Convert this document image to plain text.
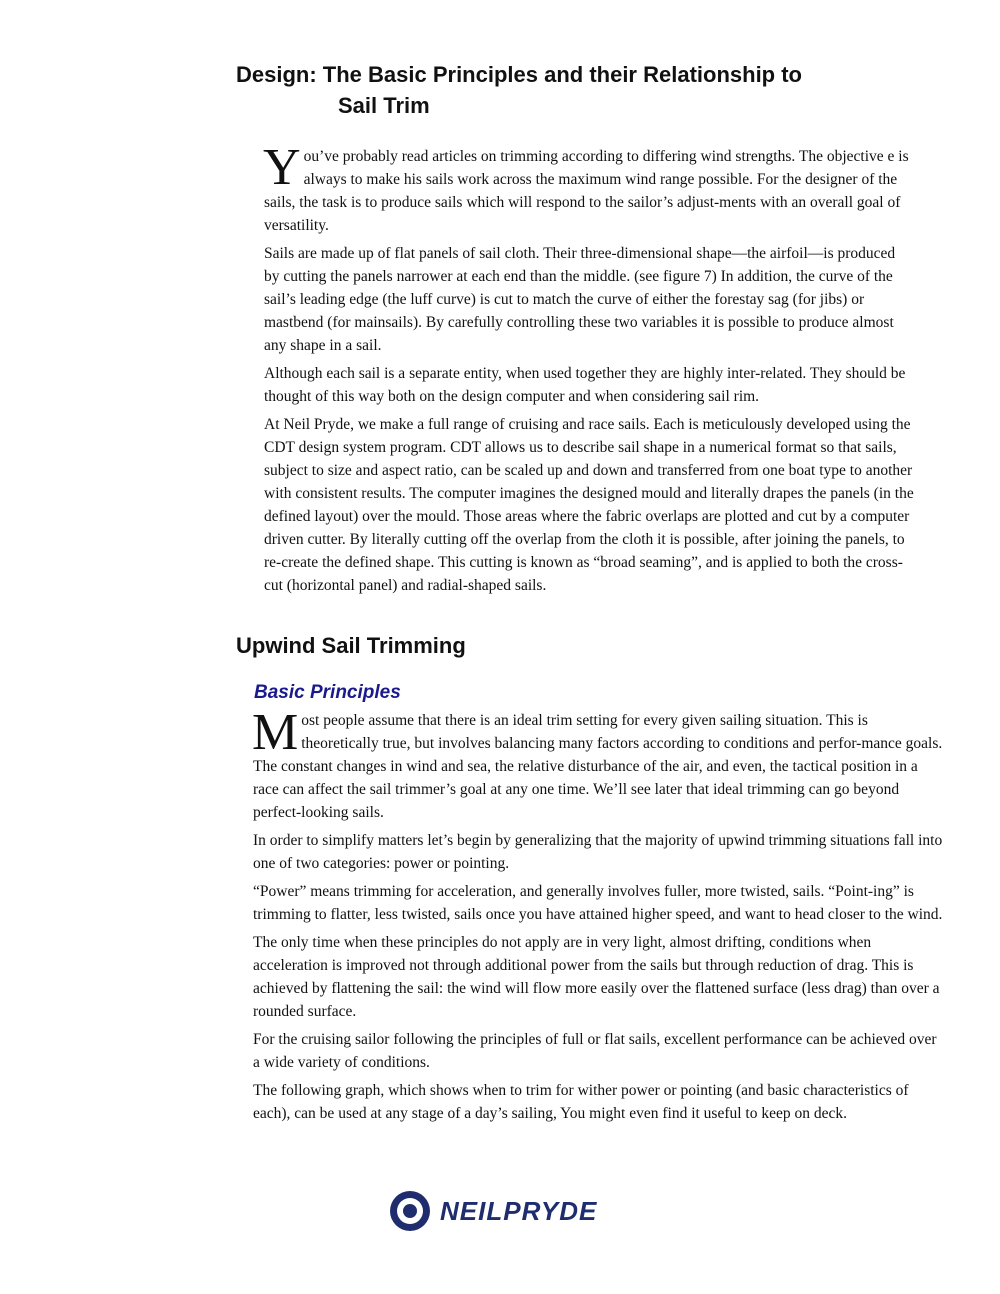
Design: The Basic Principles and their Relationship to
Sail Trim

You’ve probably read articles on trimming according to differing wind strengths. The objective e is always to make his sails work across the maximum wind range possible. For the designer of the sails, the task is to produce sails which will respond to the sailor’s adjust-ments with an overall goal of versatility.

Sails are made up of flat panels of sail cloth. Their three-dimensional shape—the airfoil—is produced by cutting the panels narrower at each end than the middle. (see figure 7) In addition, the curve of the sail’s leading edge (the luff curve) is cut to match the curve of either the forestay sag (for jibs) or mastbend (for mainsails). By carefully controlling these two variables it is possible to produce almost any shape in a sail.

Although each sail is a separate entity, when used together they are highly inter-related. They should be thought of this way both on the design computer and when considering sail rim.

At Neil Pryde, we make a full range of cruising and race sails. Each is meticulously developed using the CDT design system program. CDT allows us to describe sail shape in a numerical format so that sails, subject to size and aspect ratio, can be scaled up and down and transferred from one boat type to another with consistent results. The computer imagines the designed mould and literally drapes the panels (in the defined layout) over the mould. Those areas where the fabric overlaps are plotted and cut by a computer driven cutter. By literally cutting off the overlap from the cloth it is possible, after joining the panels, to re-create the defined shape. This cutting is known as “broad seaming”, and is applied to both the cross-cut (horizontal panel) and radial-shaped sails.

Upwind Sail Trimming
Basic Principles

Most people assume that there is an ideal trim setting for every given sailing situation. This is theoretically true, but involves balancing many factors according to conditions and perfor-mance goals. The constant changes in wind and sea, the relative disturbance of the air, and even, the tactical position in a race can affect the sail trimmer’s goal at any one time. We’ll see later that ideal trimming can go beyond perfect-looking sails.

In order to simplify matters let’s begin by generalizing that the majority of upwind trimming situations fall into one of two categories: power or pointing.

“Power” means trimming for acceleration, and generally involves fuller, more twisted, sails. “Point-ing” is trimming to flatter, less twisted, sails once you have attained higher speed, and want to head closer to the wind.

The only time when these principles do not apply are in very light, almost drifting, conditions when acceleration is improved not through additional power from the sails but through reduction of drag. This is achieved by flattening the sail: the wind will flow more easily over the flattened surface (less drag) than over a rounded surface.

For the cruising sailor following the principles of full or flat sails, excellent performance can be achieved over a wide variety of conditions.

The following graph, which shows when to trim for wither power or pointing (and basic characteristics of each), can be used at any stage of a day’s sailing, You might even find it useful to keep on deck.

NEILPRYDE
